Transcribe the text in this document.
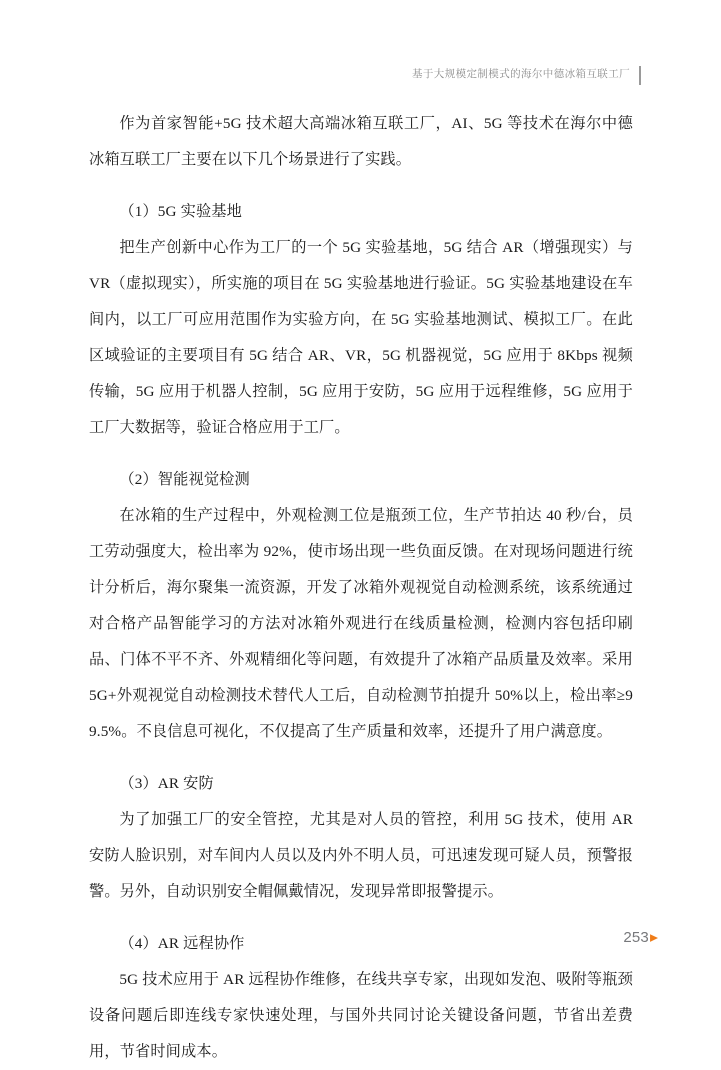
基于大规模定制模式的海尔中德冰箱互联工厂

作为首家智能+5G 技术超大高端冰箱互联工厂，AI、5G 等技术在海尔中德冰箱互联工厂主要在以下几个场景进行了实践。

（1）5G 实验基地

把生产创新中心作为工厂的一个 5G 实验基地，5G 结合 AR（增强现实）与 VR（虚拟现实），所实施的项目在 5G 实验基地进行验证。5G 实验基地建设在车间内，以工厂可应用范围作为实验方向，在 5G 实验基地测试、模拟工厂。在此区域验证的主要项目有 5G 结合 AR、VR，5G 机器视觉，5G 应用于 8Kbps 视频传输，5G 应用于机器人控制，5G 应用于安防，5G 应用于远程维修，5G 应用于工厂大数据等，验证合格应用于工厂。

（2）智能视觉检测

在冰箱的生产过程中，外观检测工位是瓶颈工位，生产节拍达 40 秒/台，员工劳动强度大，检出率为 92%，使市场出现一些负面反馈。在对现场问题进行统计分析后，海尔聚集一流资源，开发了冰箱外观视觉自动检测系统，该系统通过对合格产品智能学习的方法对冰箱外观进行在线质量检测，检测内容包括印刷品、门体不平不齐、外观精细化等问题，有效提升了冰箱产品质量及效率。采用 5G+外观视觉自动检测技术替代人工后，自动检测节拍提升 50%以上，检出率≥99.5%。不良信息可视化，不仅提高了生产质量和效率，还提升了用户满意度。

（3）AR 安防

为了加强工厂的安全管控，尤其是对人员的管控，利用 5G 技术，使用 AR 安防人脸识别，对车间内人员以及内外不明人员，可迅速发现可疑人员，预警报警。另外，自动识别安全帽佩戴情况，发现异常即报警提示。

（4）AR 远程协作

5G 技术应用于 AR 远程协作维修，在线共享专家，出现如发泡、吸附等瓶颈设备问题后即连线专家快速处理，与国外共同讨论关键设备问题，节省出差费用，节省时间成本。

253 ▸
